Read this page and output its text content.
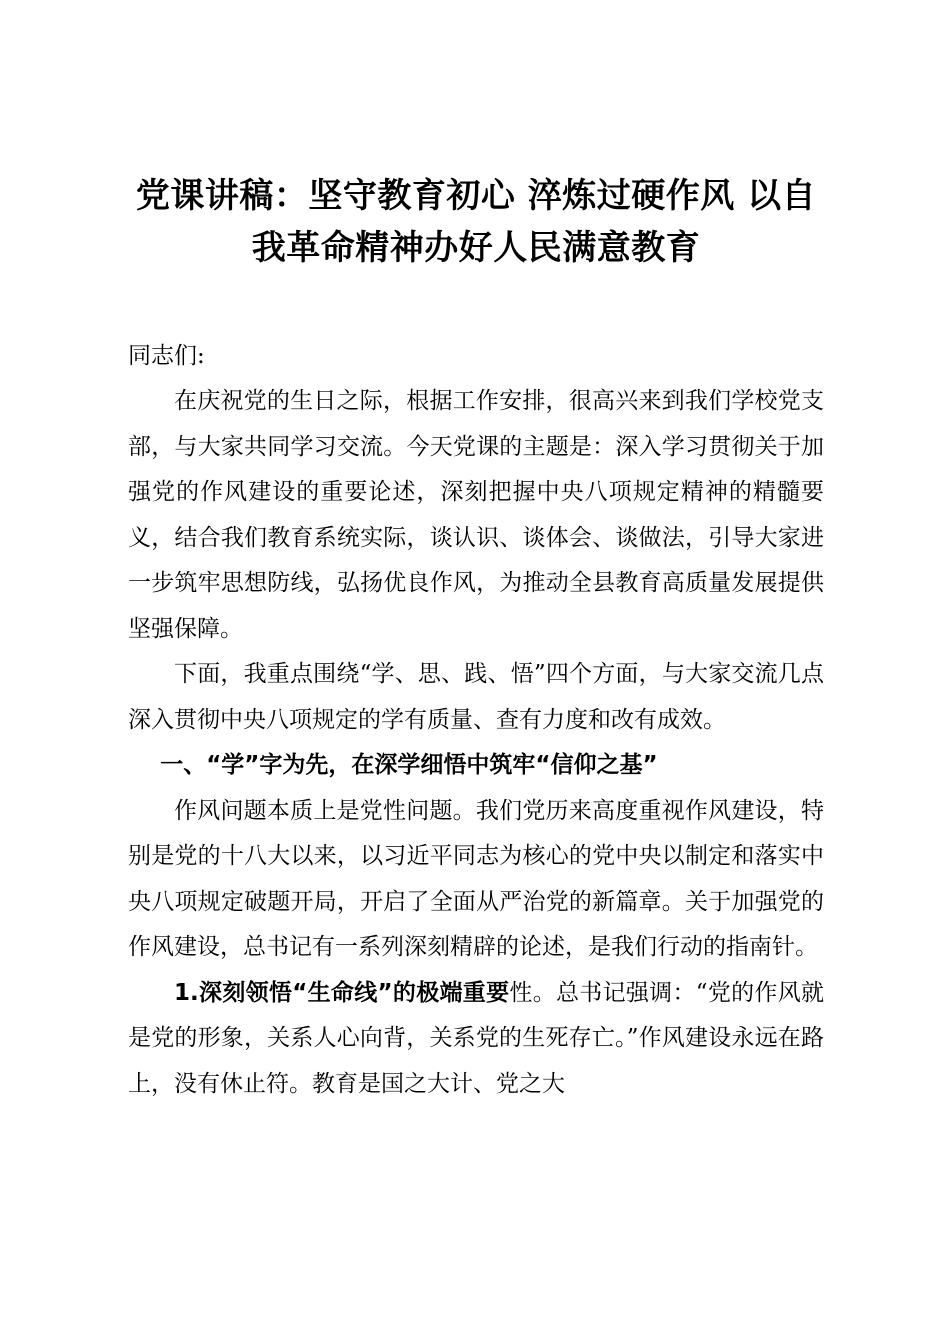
党课讲稿：坚守教育初心 淬炼过硬作风 以自
我革命精神办好人民满意教育

同志们:

在庆祝党的生日之际，根据工作安排，很高兴来到我们学校党支部，与大家共同学习交流。今天党课的主题是：深入学习贯彻关于加强党的作风建设的重要论述，深刻把握中央八项规定精神的精髓要义，结合我们教育系统实际，谈认识、谈体会、谈做法，引导大家进一步筑牢思想防线，弘扬优良作风，为推动全县教育高质量发展提供坚强保障。

下面，我重点围绕“学、思、践、悟”四个方面，与大家交流几点深入贯彻中央八项规定的学有质量、查有力度和改有成效。

一、“学”字为先，在深学细悟中筑牢“信仰之基”

作风问题本质上是党性问题。我们党历来高度重视作风建设，特别是党的十八大以来，以习近平同志为核心的党中央以制定和落实中央八项规定破题开局，开启了全面从严治党的新篇章。关于加强党的作风建设，总书记有一系列深刻精辟的论述，是我们行动的指南针。

1.深刻领悟“生命线”的极端重要性。总书记强调：“党的作风就是党的形象，关系人心向背，关系党的生死存亡。”作风建设永远在路上，没有休止符。教育是国之大计、党之大
